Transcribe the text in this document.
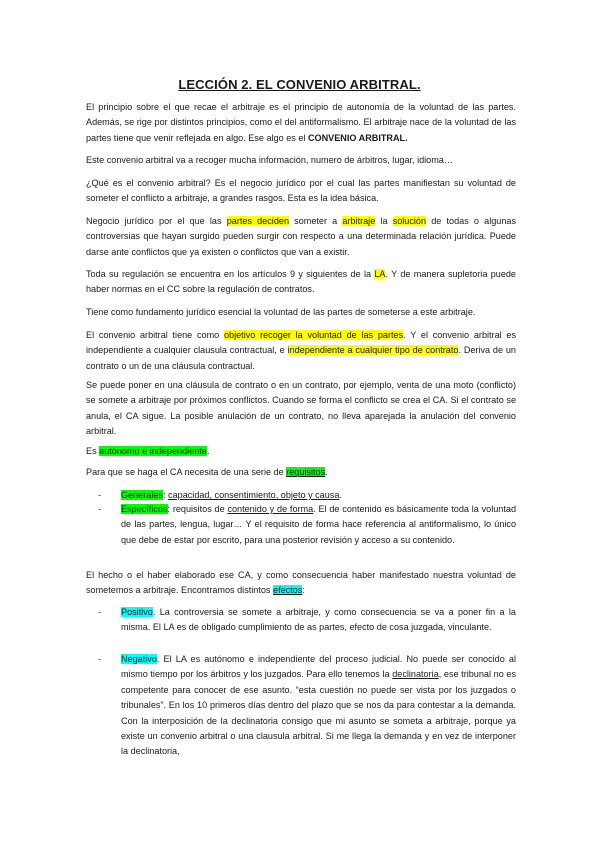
LECCIÓN 2. EL CONVENIO ARBITRAL.

El principio sobre el que recae el arbitraje es el principio de autonomía de la voluntad de las partes. Además, se rige por distintos principios, como el del antiformalismo. El arbitraje nace de la voluntad de las partes tiene que venir reflejada en algo. Ese algo es el CONVENIO ARBITRAL.

Este convenio arbitral va a recoger mucha información, numero de árbitros, lugar, idioma…

¿Qué es el convenio arbitral? Es el negocio jurídico por el cual las partes manifiestan su voluntad de someter el conflicto a arbitraje, a grandes rasgos. Esta es la idea básica.

Negocio jurídico por el que las partes deciden someter a arbitraje la solución de todas o algunas controversias que hayan surgido pueden surgir con respecto a una determinada relación jurídica. Puede darse ante conflictos que ya existen o conflictos que van a existir.

Toda su regulación se encuentra en los artículos 9 y siguientes de la LA. Y de manera supletoria puede haber normas en el CC sobre la regulación de contratos.

Tiene como fundamento jurídico esencial la voluntad de las partes de someterse a este arbitraje.

El convenio arbitral tiene como objetivo recoger la voluntad de las partes. Y el convenio arbitral es independiente a cualquier clausula contractual, e independiente a cualquier tipo de contrato. Deriva de un contrato o un de una cláusula contractual.

Se puede poner en una cláusula de contrato o en un contrato, por ejemplo, venta de una moto (conflicto) se somete a arbitraje por próximos conflictos. Cuando se forma el conflicto se crea el CA. Si el contrato se anula, el CA sigue. La posible anulación de un contrato, no lleva aparejada la anulación del convenio arbitral.

Es autónomo e independiente.

Para que se haga el CA necesita de una serie de requisitos.

- Generales: capacidad, consentimiento, objeto y causa.

- Específicos: requisitos de contenido y de forma. El de contenido es básicamente toda la voluntad de las partes, lengua, lugar… Y el requisito de forma hace referencia al antiformalismo, lo único que debe de estar por escrito, para una posterior revisión y acceso a su contenido.

El hecho o el haber elaborado ese CA, y como consecuencia haber manifestado nuestra voluntad de sometemos a arbitraje. Encontramos distintos efectos:

- Positivo. La controversia se somete a arbitraje, y como consecuencia se va a poner fin a la misma. El LA es de obligado cumplimiento de as partes, efecto de cosa juzgada, vinculante.

- Negativo. El LA es autónomo e independiente del proceso judicial. No puede ser conocido al mismo tiempo por los árbitros y los juzgados. Para ello tenemos la declinatoria, ese tribunal no es competente para conocer de ese asunto. “esta cuestión no puede ser vista por los juzgados o tribunales”. En los 10 primeros días dentro del plazo que se nos da para contestar a la demanda. Con la interposición de la declinatoria consigo que mi asunto se someta a arbitraje, porque ya existe un convenio arbitral o una clausula arbitral. Si me llega la demanda y en vez de interponer la declinatoria,
